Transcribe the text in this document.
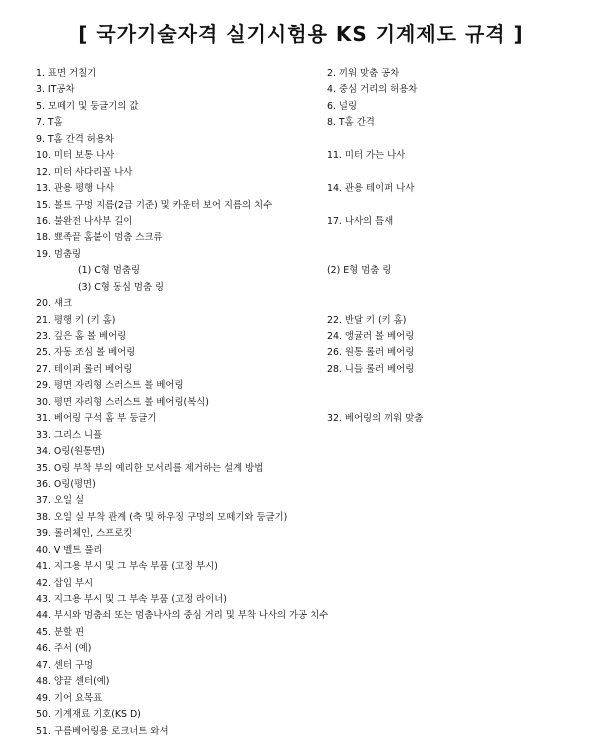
[ 국가기술자격 실기시험용 KS 기계제도 규격 ]
1. 표면 거칠기	2. 끼워 맞춤 공차
3. IT공차	4. 중심 거리의 허용차
5. 모떼기 및 둥글기의 값	6. 널링
7. T홈	8. T홈 간격
9. T홈 간격 허용차
10. 미터 보통 나사	11. 미터 가는 나사
12. 미터 사다리꼴 나사
13. 관용 평행 나사	14. 관용 테이퍼 나사
15. 볼트 구멍 지름(2급 기준) 및 카운터 보어 지름의 치수
16. 불완전 나사부 길이	17. 나사의 틈새
18. 뾰족끝 홈붙이 멈춤 스크류
19. 멈춤링
(1) C형 멈춤링	(2) E형 멈춤 링
(3) C형 동심 멈춤 링
20. 섀크
21. 평행 키 (키 홈)	22. 반달 키 (키 홈)
23. 깊은 홈 볼 베어링	24. 앵귤러 볼 베어링
25. 자동 조심 볼 베어링	26. 원통 롤러 베어링
27. 테이퍼 롤러 베어링	28. 니들 롤러 베어링
29. 평면 자리형 스러스트 볼 베어링
30. 평면 자리형 스러스트 볼 베어링(복식)
31. 베어링 구석 홈 부 둥글기	32. 베어링의 끼워 맞춤
33. 그리스 니플
34. O링(원통면)
35. O링 부착 부의 예리한 모서리를 제거하는 설계 방법
36. O링(평면)
37. 오일 실
38. 오일 실 부착 관계 (축 및 하우징 구멍의 모떼기와 둥글기)
39. 롤러체인, 스프로킷
40. V 벨트 풀리
41. 지그용 부시 및 그 부속 부품 (고정 부시)
42. 삽입 부시
43. 지그용 부시 및 그 부속 부품 (고정 라이너)
44. 부시와 멈춤쇠 또는 멈춤나사의 중심 거리 및 부착 나사의 가공 치수
45. 분할 핀
46. 주서 (예)
47. 센터 구멍
48. 양끝 센터(예)
49. 기어 요목표
50. 기계재료 기호(KS D)
51. 구름베어링용 로크너트 와셔
